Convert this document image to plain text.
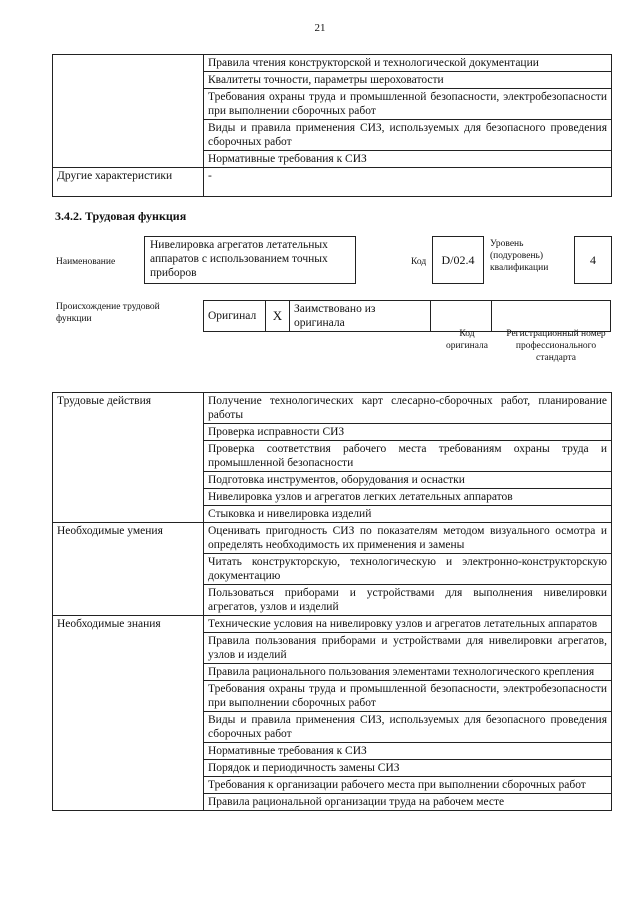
21
	Правила чтения конструкторской и технологической документации
	Квалитеты точности, параметры шероховатости
	Требования охраны труда и промышленной безопасности, электробезопасности при выполнении сборочных работ
	Виды и правила применения СИЗ, используемых для безопасного проведения сборочных работ
	Нормативные требования к СИЗ
Другие характеристики	-
3.4.2. Трудовая функция
Наименование
Нивелировка агрегатов летательных аппаратов с использованием точных приборов
Код D/02.4
Уровень (подуровень) квалификации
4
Происхождение трудовой функции	Оригинал	X	Заимствовано из оригинала		
Код оригинала
Регистрационный номер профессионального стандарта
Трудовые действия	Получение технологических карт слесарно-сборочных работ, планирование работы
	Проверка исправности СИЗ
	Проверка соответствия рабочего места требованиям охраны труда и промышленной безопасности
	Подготовка инструментов, оборудования и оснастки
	Нивелировка узлов и агрегатов легких летательных аппаратов
	Стыковка и нивелировка изделий
Необходимые умения	Оценивать пригодность СИЗ по показателям методом визуального осмотра и определять необходимость их применения и замены
	Читать конструкторскую, технологическую и электронно-конструкторскую документацию
	Пользоваться приборами и устройствами для выполнения нивелировки агрегатов, узлов и изделий
Необходимые знания	Технические условия на нивелировку узлов и агрегатов летательных аппаратов
	Правила пользования приборами и устройствами для нивелировки агрегатов, узлов и изделий
	Правила рационального пользования элементами технологического крепления
	Требования охраны труда и промышленной безопасности, электробезопасности при выполнении сборочных работ
	Виды и правила применения СИЗ, используемых для безопасного проведения сборочных работ
	Нормативные требования к СИЗ
	Порядок и периодичность замены СИЗ
	Требования к организации рабочего места при выполнении сборочных работ
	Правила рациональной организации труда на рабочем месте
